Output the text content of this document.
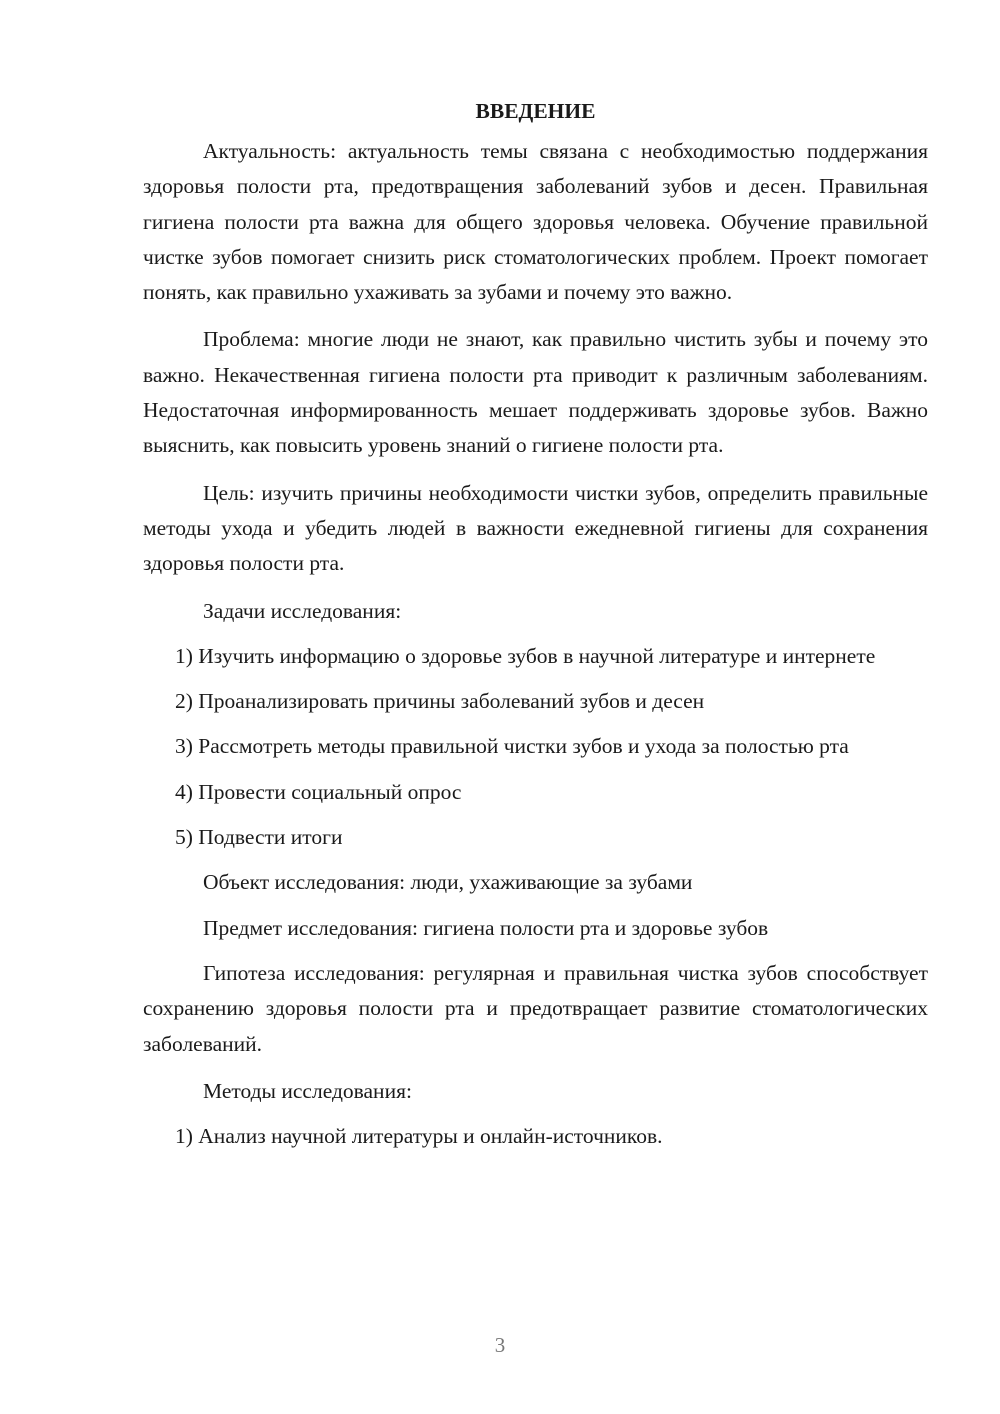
ВВЕДЕНИЕ

Актуальность: актуальность темы связана с необходимостью поддержания здоровья полости рта, предотвращения заболеваний зубов и десен. Правильная гигиена полости рта важна для общего здоровья человека. Обучение правильной чистке зубов помогает снизить риск стоматологических проблем. Проект помогает понять, как правильно ухаживать за зубами и почему это важно.

Проблема: многие люди не знают, как правильно чистить зубы и почему это важно. Некачественная гигиена полости рта приводит к различным заболеваниям. Недостаточная информированность мешает поддерживать здоровье зубов. Важно выяснить, как повысить уровень знаний о гигиене полости рта.

Цель: изучить причины необходимости чистки зубов, определить правильные методы ухода и убедить людей в важности ежедневной гигиены для сохранения здоровья полости рта.

Задачи исследования:

1) Изучить информацию о здоровье зубов в научной литературе и интернете

2) Проанализировать причины заболеваний зубов и десен

3) Рассмотреть методы правильной чистки зубов и ухода за полостью рта

4) Провести социальный опрос

5) Подвести итоги

Объект исследования: люди, ухаживающие за зубами

Предмет исследования: гигиена полости рта и здоровье зубов

Гипотеза исследования: регулярная и правильная чистка зубов способствует сохранению здоровья полости рта и предотвращает развитие стоматологических заболеваний.

Методы исследования:

1) Анализ научной литературы и онлайн-источников.

3
